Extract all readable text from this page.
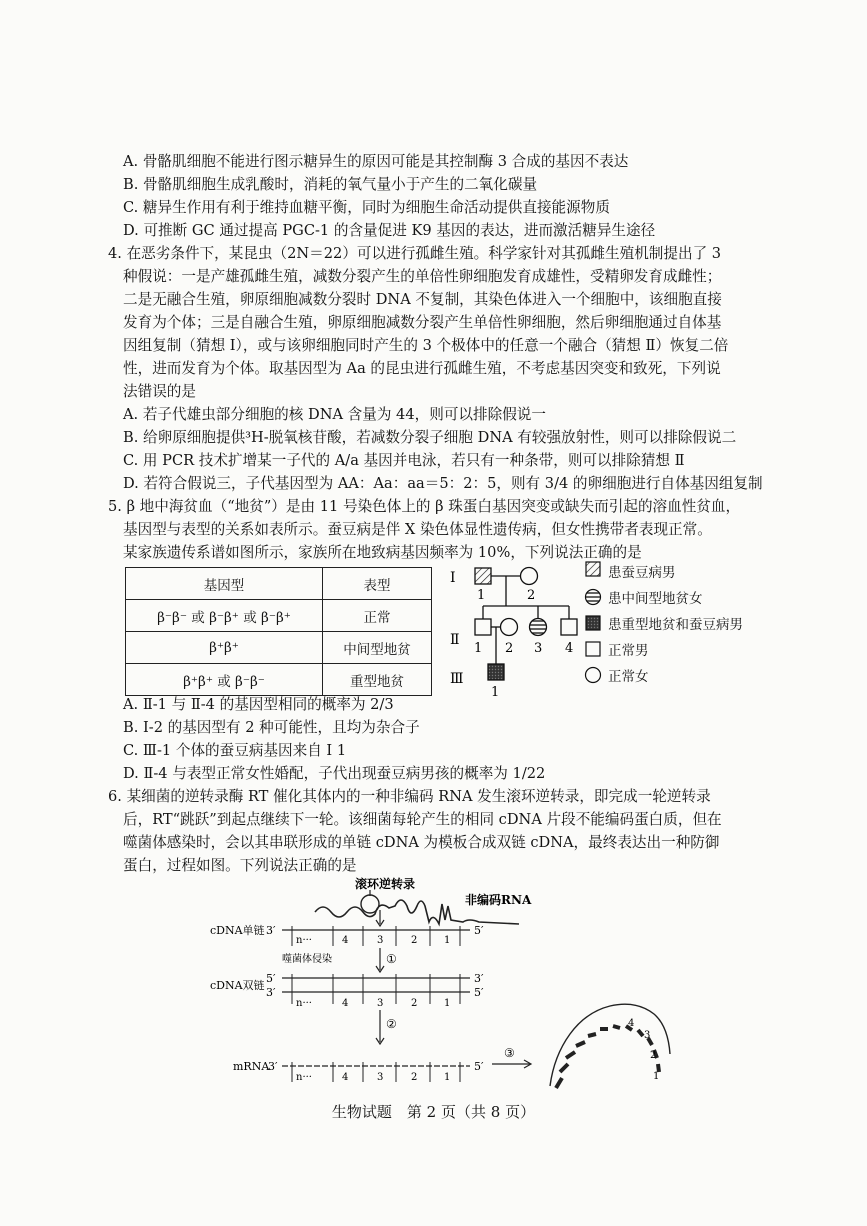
A. 骨骼肌细胞不能进行图示糖异生的原因可能是其控制酶 3 合成的基因不表达
B. 骨骼肌细胞生成乳酸时，消耗的氧气量小于产生的二氧化碳量
C. 糖异生作用有利于维持血糖平衡，同时为细胞生命活动提供直接能源物质
D. 可推断 GC 通过提高 PGC-1 的含量促进 K9 基因的表达，进而激活糖异生途径
4. 在恶劣条件下，某昆虫（2N＝22）可以进行孤雌生殖。科学家针对其孤雌生殖机制提出了 3
种假说：一是产雄孤雌生殖，减数分裂产生的单倍性卵细胞发育成雄性，受精卵发育成雌性；
二是无融合生殖，卵原细胞减数分裂时 DNA 不复制，其染色体进入一个细胞中，该细胞直接
发育为个体；三是自融合生殖，卵原细胞减数分裂产生单倍性卵细胞，然后卵细胞通过自体基
因组复制（猜想 Ⅰ），或与该卵细胞同时产生的 3 个极体中的任意一个融合（猜想 Ⅱ）恢复二倍
性，进而发育为个体。取基因型为 Aa 的昆虫进行孤雌生殖，不考虑基因突变和致死，下列说
法错误的是
A. 若子代雄虫部分细胞的核 DNA 含量为 44，则可以排除假说一
B. 给卵原细胞提供³H-脱氧核苷酸，若减数分裂子细胞 DNA 有较强放射性，则可以排除假说二
C. 用 PCR 技术扩增某一子代的 A/a 基因并电泳，若只有一种条带，则可以排除猜想 Ⅱ
D. 若符合假说三，子代基因型为 AA：Aa：aa＝5：2：5，则有 3/4 的卵细胞进行自体基因组复制
5. β 地中海贫血（“地贫”）是由 11 号染色体上的 β 珠蛋白基因突变或缺失而引起的溶血性贫血，
基因型与表型的关系如表所示。蚕豆病是伴 X 染色体显性遗传病，但女性携带者表现正常。
某家族遗传系谱如图所示，家族所在地致病基因频率为 10%，下列说法正确的是
基因型	表型
β⁻β⁻ 或 β⁻β⁺ 或 β⁻β⁺	正常
β⁺β⁺	中间型地贫
β⁺β⁺ 或 β⁻β⁻	重型地贫
Ⅰ
Ⅱ
Ⅲ
1	2
1 2 3 4
1
患蚕豆病男
患中间型地贫女
患重型地贫和蚕豆病男
正常男
正常女
A. Ⅱ-1 与 Ⅱ-4 的基因型相同的概率为 2/3
B. Ⅰ-2 的基因型有 2 种可能性，且均为杂合子
C. Ⅲ-1 个体的蚕豆病基因来自 Ⅰ 1
D. Ⅱ-4 与表型正常女性婚配，子代出现蚕豆病男孩的概率为 1/22
6. 某细菌的逆转录酶 RT 催化其体内的一种非编码 RNA 发生滚环逆转录，即完成一轮逆转录
后，RT“跳跃”到起点继续下一轮。该细菌每轮产生的相同 cDNA 片段不能编码蛋白质，但在
噬菌体感染时，会以其串联形成的单链 cDNA 为模板合成双链 cDNA，最终表达出一种防御
蛋白，过程如图。下列说法正确的是
滚环逆转录
非编码RNA
cDNA单链 3′
n···	4	3	2	1
5′
噬菌体侵染	①
5′
3′
cDNA双链
n···	4	3	2	1
3′
5′
②
mRNA
3′
n···	4	3	2	1
5′
③
4
3
2
1
生物试题　第 2 页（共 8 页）
